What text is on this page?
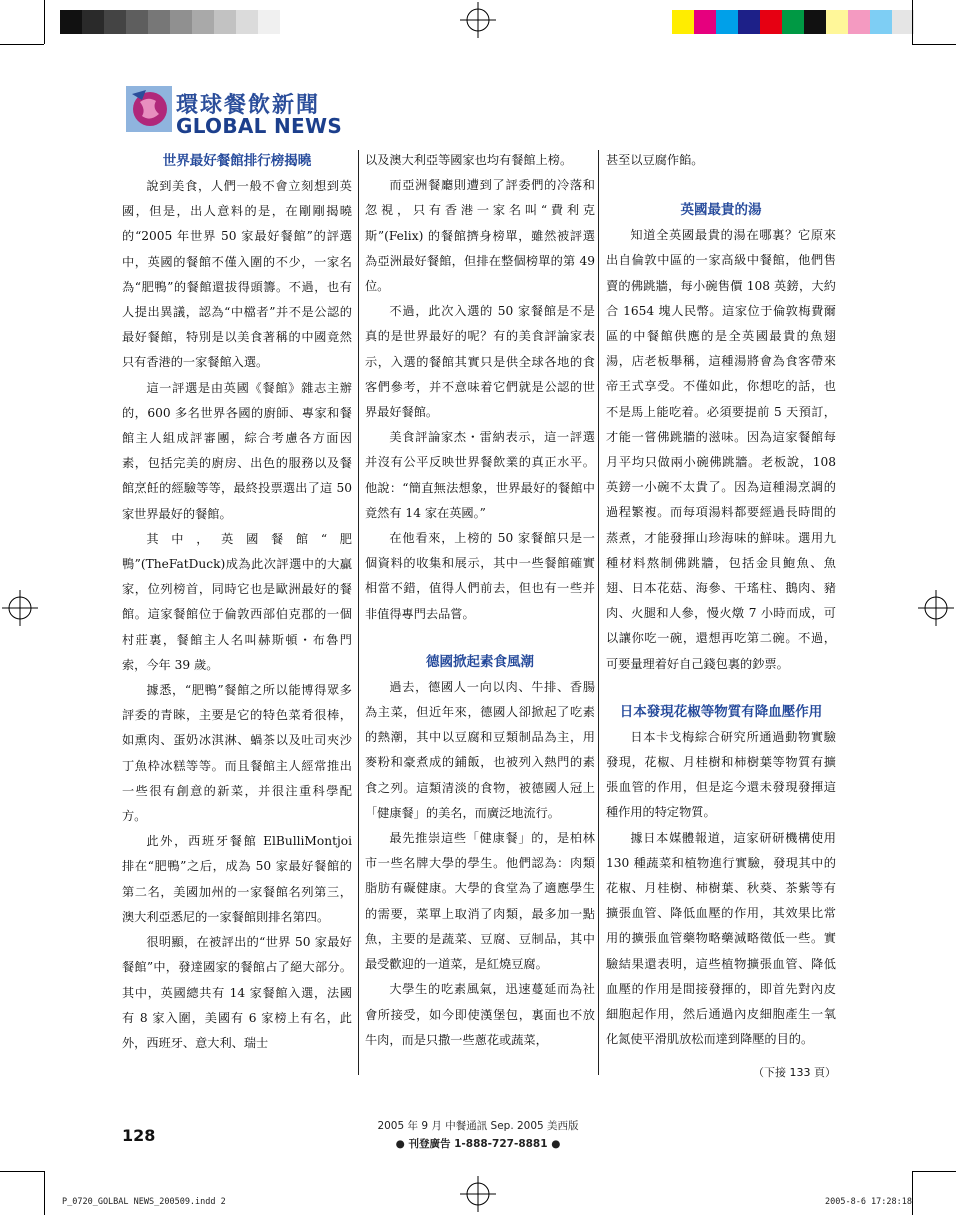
環球餐飲新聞
GLOBAL NEWS
世界最好餐館排行榜揭曉

說到美食，人們一般不會立刻想到英國，但是，出人意料的是，在剛剛揭曉的“2005 年世界 50 家最好餐館”的評選中，英國的餐館不僅入圍的不少，一家名為“肥鴨”的餐館還拔得頭籌。不過，也有人提出異議，認為“中檔者”并不是公認的最好餐館，特別是以美食著稱的中國竟然只有香港的一家餐館入選。

這一評選是由英國《餐館》雜志主辦的，600 多名世界各國的廚師、專家和餐館主人組成評審團，綜合考慮各方面因素，包括完美的廚房、出色的服務以及餐館烹飪的經驗等等，最終投票選出了這 50 家世界最好的餐館。

其中，英國餐館“肥鴨”(TheFatDuck)成為此次評選中的大贏家，位列榜首，同時它也是歐洲最好的餐館。這家餐館位于倫敦西部伯克郡的一個村莊裏，餐館主人名叫赫斯頓・布魯門索，今年 39 歲。

據悉，“肥鴨”餐館之所以能博得眾多評委的青睞，主要是它的特色菜肴很棒，如熏肉、蛋奶冰淇淋、蝸茶以及吐司夾沙丁魚枠冰糕等等。而且餐館主人經常推出一些很有創意的新菜，并很注重科學配方。

此外，西班牙餐館 ElBulliMontjoi 排在“肥鴨”之后，成為 50 家最好餐館的第二名，美國加州的一家餐館名列第三，澳大利亞悉尼的一家餐館則排名第四。

很明顯，在被評出的“世界 50 家最好餐館”中，發達國家的餐館占了絕大部分。其中，英國總共有 14 家餐館入選，法國有 8 家入圍，美國有 6 家榜上有名，此外，西班牙、意大利、瑞士

以及澳大利亞等國家也均有餐館上榜。

而亞洲餐廳則遭到了評委們的冷落和忽視，只有香港一家名叫“費利克斯”(Felix) 的餐館擠身榜單，雖然被評選為亞洲最好餐館，但排在整個榜單的第 49 位。

不過，此次入選的 50 家餐館是不是真的是世界最好的呢？有的美食評論家表示，入選的餐館其實只是供全球各地的食客們參考，并不意味着它們就是公認的世界最好餐館。

美食評論家杰・雷納表示，這一評選并沒有公平反映世界餐飲業的真正水平。他說：“簡直無法想象，世界最好的餐館中竟然有 14 家在英國。”

在他看來，上榜的 50 家餐館只是一個資料的收集和展示，其中一些餐館確實相當不錯，值得人們前去，但也有一些并非值得專門去品嘗。

德國掀起素食風潮

過去，德國人一向以肉、牛排、香腸為主菜，但近年來，德國人卻掀起了吃素的熱潮，其中以豆腐和豆類制品為主，用麥粉和豪煮成的鋪飯，也被列入熱門的素食之列。這類清淡的食物，被德國人冠上「健康餐」的美名，而廣泛地流行。

最先推崇這些「健康餐」的，是柏林市一些名牌大學的學生。他們認為：肉類脂肪有礙健康。大學的食堂為了適應學生的需要，菜單上取消了肉類，最多加一點魚，主要的是蔬菜、豆腐、豆制品，其中最受歡迎的一道菜，是紅燒豆腐。

大學生的吃素風氣，迅速蔓延而為社會所接受，如今即使漢堡包，裏面也不放牛肉，而是只撒一些蔥花或蔬菜，

甚至以豆腐作餡。

英國最貴的湯

知道全英國最貴的湯在哪裏？它原來出自倫敦中區的一家高級中餐館，他們售賣的佛跳牆，每小碗售價 108 英鎊，大約合 1654 塊人民幣。這家位于倫敦梅費爾區的中餐館供應的是全英國最貴的魚翅湯，店老板舉稱，這種湯將會為食客帶來帝王式享受。不僅如此，你想吃的話，也不是馬上能吃着。必須要提前 5 天預訂，才能一嘗佛跳牆的滋味。因為這家餐館每月平均只做兩小碗佛跳牆。老板說，108 英鎊一小碗不太貴了。因為這種湯烹調的過程繁複。而每項湯料都要經過長時間的蒸煮，才能發揮山珍海味的鮮味。選用九種材料熬制佛跳牆，包括金貝鮑魚、魚翅、日本花菇、海參、干瑤柱、鵝肉、豬肉、火腿和人參，慢火燉 7 小時而成，可以讓你吃一碗，還想再吃第二碗。不過，可要量理着好自己錢包裏的鈔票。

日本發現花椒等物質有降血壓作用

日本卡戈梅綜合研究所通過動物實驗發現，花椒、月桂樹和柿樹葉等物質有擴張血管的作用，但是迄今還未發現發揮這種作用的特定物質。

據日本媒體報道，這家研研機構使用 130 種蔬菜和植物進行實驗，發現其中的花椒、月桂樹、柿樹葉、秋葵、茶紫等有擴張血管、降低血壓的作用，其效果比常用的擴張血管藥物略藥減略徵低一些。實驗結果還表明，這些植物擴張血管、降低血壓的作用是間接發揮的，即首先對內皮細胞起作用，然后通過內皮細胞產生一氧化氮使平滑肌放松而達到降壓的目的。

（下接 133 頁）
128	2005 年 9 月 中餐通訊 Sep. 2005 美西版
● 刊登廣告 1-888-727-8881 ●
P_0720_GOLBAL NEWS_200509.indd 2	2005-8-6 17:28:18
